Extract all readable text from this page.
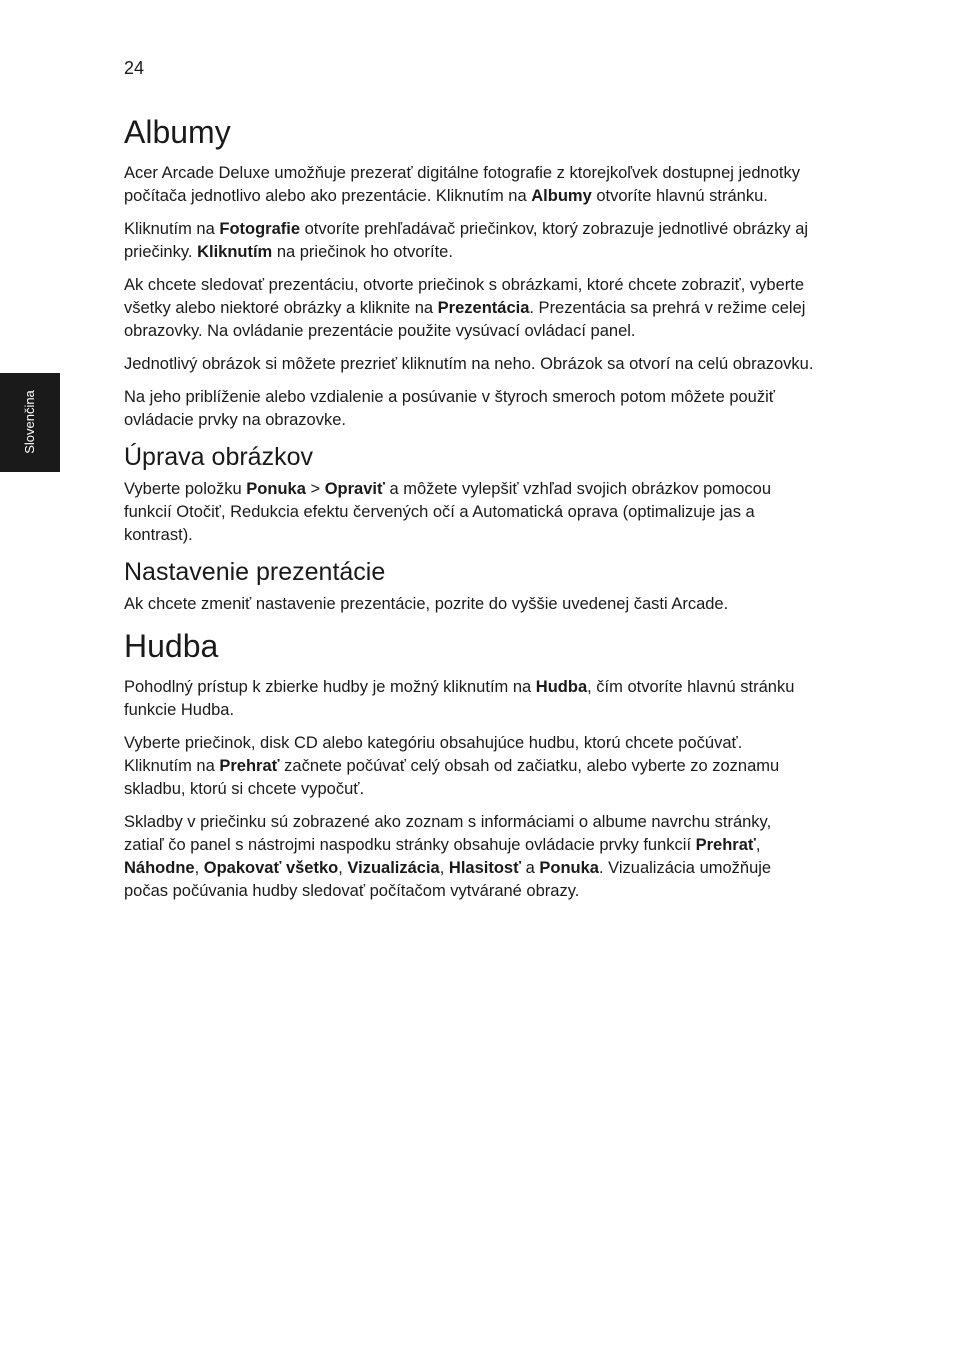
24
Slovenčina
Albumy

Acer Arcade Deluxe umožňuje prezerať digitálne fotografie z ktorejkoľvek dostupnej jednotky počítača jednotlivo alebo ako prezentácie. Kliknutím na Albumy otvoríte hlavnú stránku.

Kliknutím na Fotografie otvoríte prehľadávač priečinkov, ktorý zobrazuje jednotlivé obrázky aj priečinky. Kliknutím na priečinok ho otvoríte.

Ak chcete sledovať prezentáciu, otvorte priečinok s obrázkami, ktoré chcete zobraziť, vyberte všetky alebo niektoré obrázky a kliknite na Prezentácia. Prezentácia sa prehrá v režime celej obrazovky. Na ovládanie prezentácie použite vysúvací ovládací panel.

Jednotlivý obrázok si môžete prezrieť kliknutím na neho. Obrázok sa otvorí na celú obrazovku.

Na jeho priblíženie alebo vzdialenie a posúvanie v štyroch smeroch potom môžete použiť ovládacie prvky na obrazovke.

Úprava obrázkov

Vyberte položku Ponuka > Opraviť a môžete vylepšiť vzhľad svojich obrázkov pomocou funkcií Otočiť, Redukcia efektu červených očí a Automatická oprava (optimalizuje jas a kontrast).

Nastavenie prezentácie

Ak chcete zmeniť nastavenie prezentácie, pozrite do vyššie uvedenej časti Arcade.

Hudba

Pohodlný prístup k zbierke hudby je možný kliknutím na Hudba, čím otvoríte hlavnú stránku funkcie Hudba.

Vyberte priečinok, disk CD alebo kategóriu obsahujúce hudbu, ktorú chcete počúvať. Kliknutím na Prehrať začnete počúvať celý obsah od začiatku, alebo vyberte zo zoznamu skladbu, ktorú si chcete vypočuť.

Skladby v priečinku sú zobrazené ako zoznam s informáciami o albume navrchu stránky, zatiaľ čo panel s nástrojmi naspodku stránky obsahuje ovládacie prvky funkcií Prehrať, Náhodne, Opakovať všetko, Vizualizácia, Hlasitosť a Ponuka. Vizualizácia umožňuje počas počúvania hudby sledovať počítačom vytvárané obrazy.
